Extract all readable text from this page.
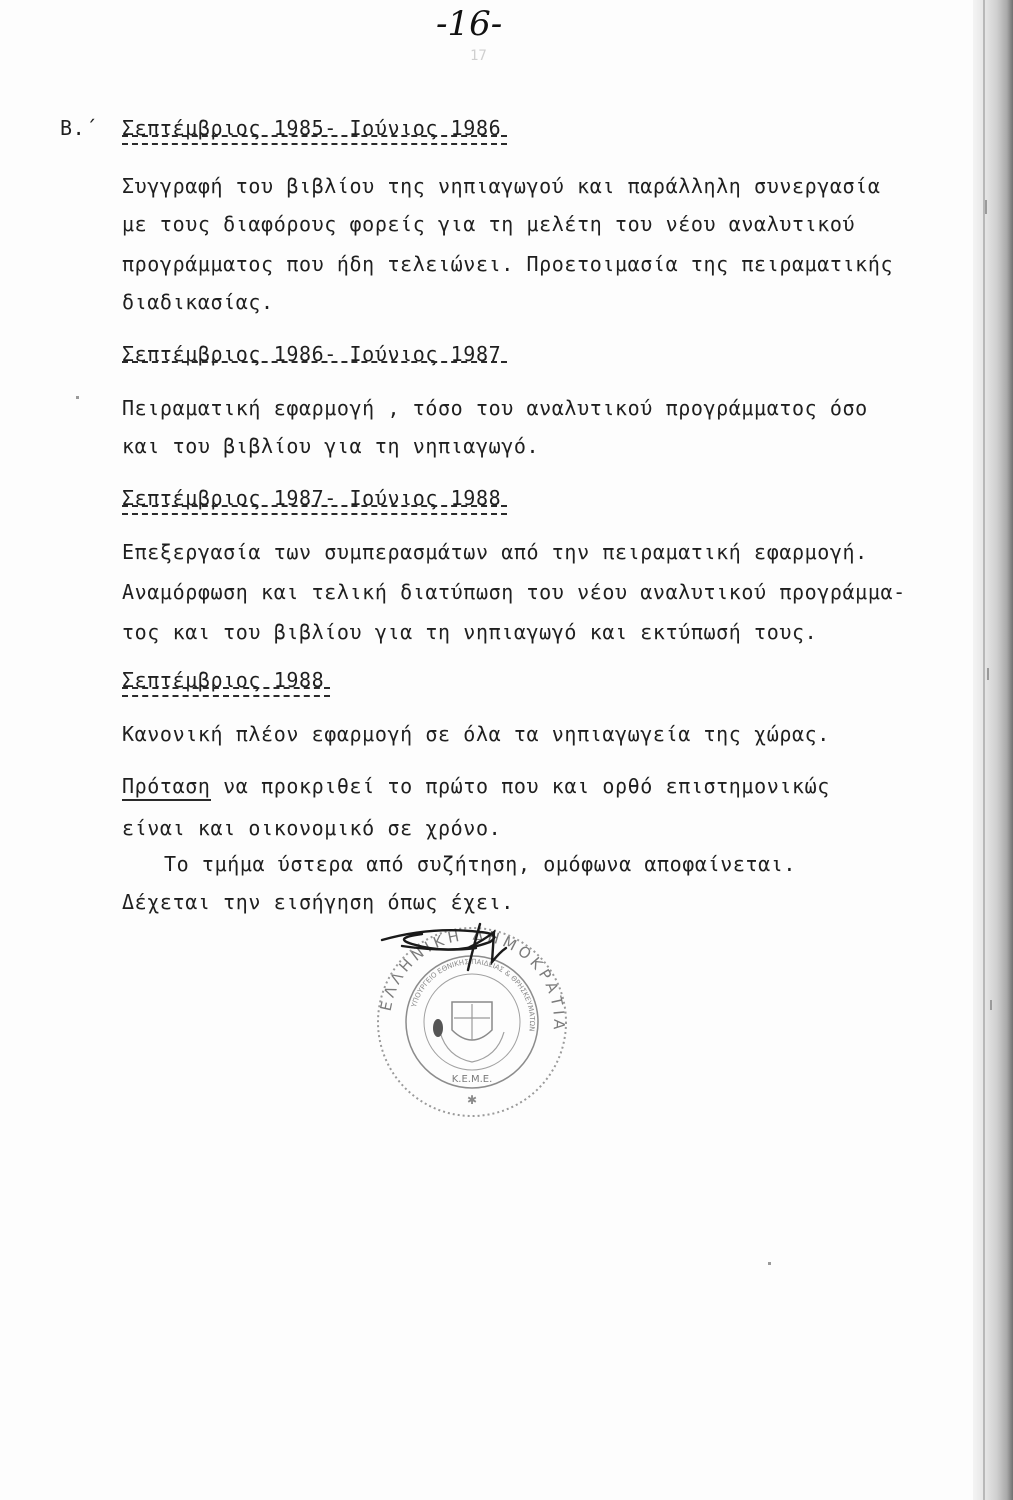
-16-
17
Β.΄ Σεπτέμβριος 1985- Ιούνιος 1986
Συγγραφή του βιβλίου της νηπιαγωγού και παράλληλη συνεργασία
με τους διαφόρους φορείς για τη μελέτη του νέου αναλυτικού
προγράμματος που ήδη τελειώνει. Προετοιμασία της πειραματικής
διαδικασίας.
Σεπτέμβριος 1986- Ιούνιος 1987
Πειραματική εφαρμογή , τόσο του αναλυτικού προγράμματος όσο
και του βιβλίου για τη νηπιαγωγό.
Σεπτέμβριος 1987- Ιούνιος 1988
Επεξεργασία των συμπερασμάτων από την πειραματική εφαρμογή.
Αναμόρφωση και τελική διατύπωση του νέου αναλυτικού προγράμμα-
τος και του βιβλίου για τη νηπιαγωγό και εκτύπωσή τους.
Σεπτέμβριος 1988
Κανονική πλέον εφαρμογή σε όλα τα νηπιαγωγεία της χώρας.
Πρόταση να προκριθεί το πρώτο που και ορθό επιστημονικώς
είναι και οικονομικό σε χρόνο.
Το τμήμα ύστερα από συζήτηση, ομόφωνα αποφαίνεται.
Δέχεται την εισήγηση όπως έχει.
ΕΛΛΗΝΙΚΗ ΔΗΜΟΚΡΑΤΙΑ
ΥΠΟΥΡΓΕΙΟ ΕΘΝΙΚΗΣ ΠΑΙΔΕΙΑΣ & ΘΡΗΣΚΕΥΜΑΤΩΝ
Κ.Ε.Μ.Ε.
✱
